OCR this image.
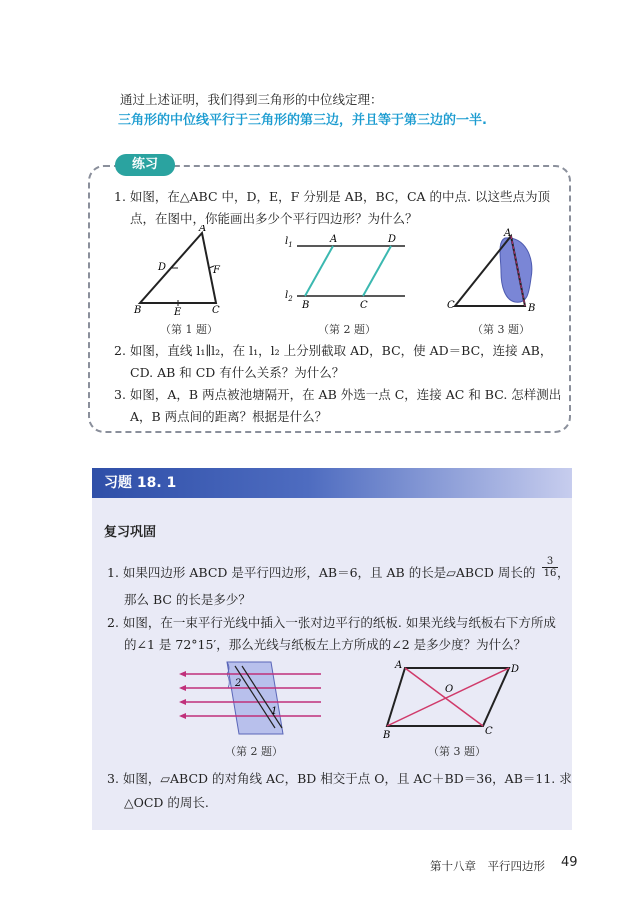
通过上述证明，我们得到三角形的中位线定理：
三角形的中位线平行于三角形的第三边，并且等于第三边的一半.
练习
1. 如图，在△ABC 中，D，E，F 分别是 AB，BC，CA 的中点. 以这些点为顶
点，在图中，你能画出多少个平行四边形？为什么？
A
D	F
B	E	C
（第 1 题）
$l_1$
$l_2$
A	D
B	C
（第 2 题）
A
C	B
（第 3 题）
2. 如图，直线 l₁∥l₂，在 l₁，l₂ 上分别截取 AD，BC，使 AD＝BC，连接 AB，
CD. AB 和 CD 有什么关系？为什么？
3. 如图，A，B 两点被池塘隔开，在 AB 外选一点 C，连接 AC 和 BC. 怎样测出
A，B 两点间的距离？根据是什么？
习题 18. 1
复习巩固
1. 如果四边形 ABCD 是平行四边形，AB＝6，且 AB 的长是▱ABCD 周长的 $\frac{3}{16}$ ，
那么 BC 的长是多少？
2. 如图，在一束平行光线中插入一张对边平行的纸板. 如果光线与纸板右下方所成
的∠1 是 72°15′，那么光线与纸板左上方所成的∠2 是多少度？为什么？
2
1
（第 2 题）
A	D
O
B	C
（第 3 题）
3. 如图，▱ABCD 的对角线 AC，BD 相交于点 O，且 AC＋BD＝36，AB＝11. 求
△OCD 的周长.
第十八章　平行四边形 49
